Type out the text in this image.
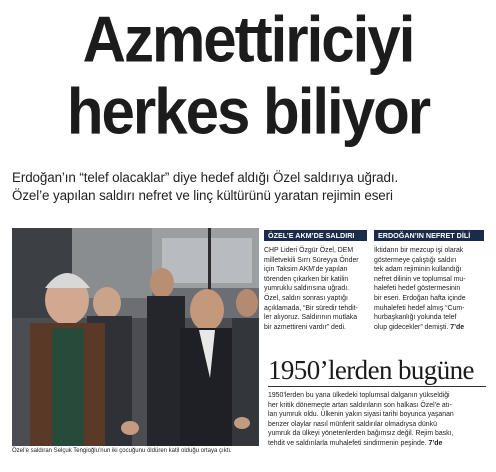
Azmettiriciyi
herkes biliyor
Erdoğan’ın “telef olacaklar” diye hedef aldığı Özel saldırıya uğradı.
Özel’e yapılan saldırı nefret ve linç kültürünü yaratan rejimin eseri
Özel’e saldıran Selçuk Tengioğlu’nun iki çocuğunu öldüren katil olduğu ortaya çıktı.
ÖZEL’E AKM’DE SALDIRI

CHP Lideri Özgür Özel, DEM

milletvekili Sırrı Süreyya Önder

için Taksim AKM’de yapılan

törenden çıkarken bir katilin

yumruklu saldırısına uğradı.

Özel, saldırı sonrası yaptığı

açıklamada, “Bir süredir tehdit-

ler alıyoruz. Saldırının mutlaka

bir azmettireni vardır” dedi.

ERDOĞAN’IN NEFRET DİLİ

İktidarın bir mezcup işi olarak

göstermeye çalıştığı saldırı

tek adam rejiminin kullandığı

nefret dilinin ve toplumsal mu-

halefeti hedef göstermesinin

bir eseri. Erdoğan hafta içinde

muhalefeti hedef almış “Cum-

hurbaşkanlığı yolunda telef

olup gidecekler” demişti. 7’de

1950’lerden bugüne

1950’lerden bu yana ülkedeki toplumsal dalganın yükseldiği

her kritik dönemeçte artan saldırıların son halkası Özel’e atı-

lan yumruk oldu. Ülkenin yakın siyasi tarihi boyunca yaşanan

benzer olaylar nasıl münferit saldırılar olmadıysa dünkü

yumruk da ülkeyi yönetenlerden bağımsız değil. Rejim baskı,

tehdit ve saldırılarla muhalefeti sindirmenin peşinde. 7’de
